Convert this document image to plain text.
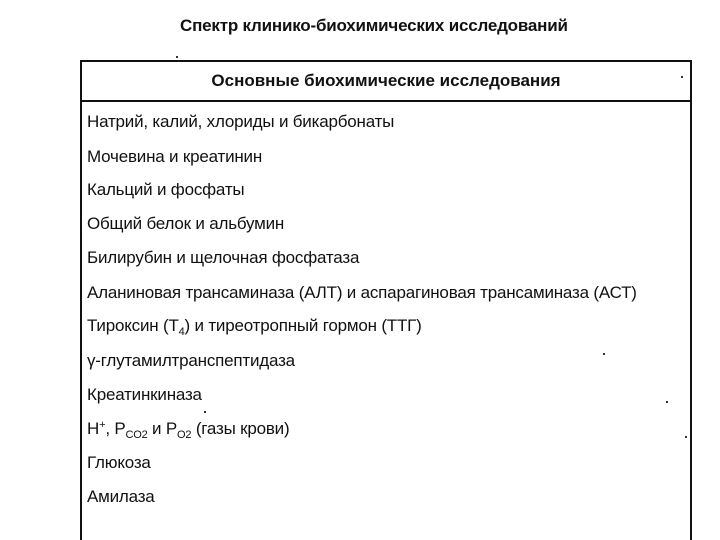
Спектр клинико-биохимических исследований
Основные биохимические исследования
Натрий, калий, хлориды и бикарбонаты
Мочевина и креатинин
Кальций и фосфаты
Общий белок и альбумин
Билирубин и щелочная фосфатаза
Аланиновая трансаминаза (АЛТ) и аспарагиновая трансаминаза (АСТ)
Тироксин $(Т_4)$ и тиреотропный гормон (ТТГ)
γ-глутамилтранспептидаза
Креатинкиназа
Н+, $Р_{CO2}$ и $Р_{O2}$ (газы крови)
Глюкоза
Амилаза
